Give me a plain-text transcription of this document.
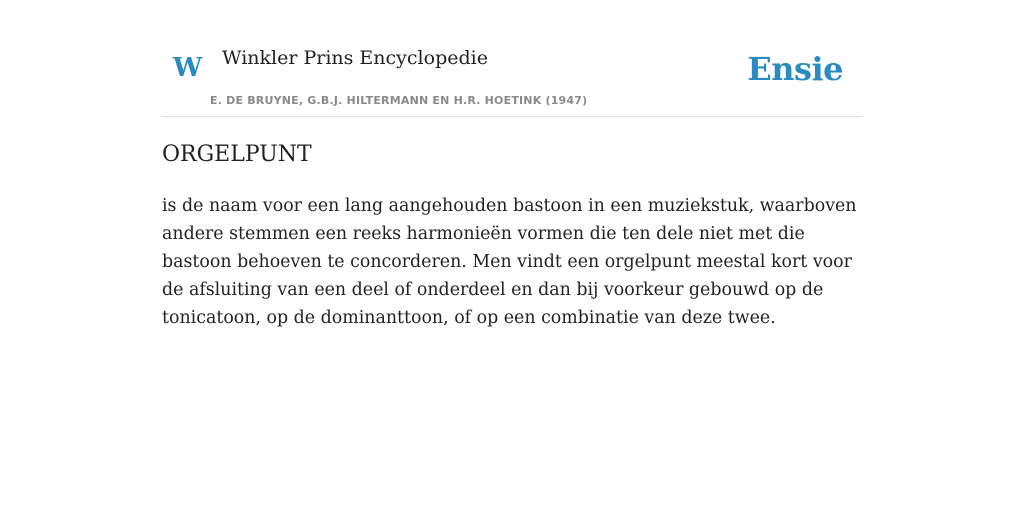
W Winkler Prins Encyclopedie
E. DE BRUYNE, G.B.J. HILTERMANN EN H.R. HOETINK (1947)
Ensie
ORGELPUNT

is de naam voor een lang aangehouden bastoon in een muziekstuk, waarboven andere stemmen een reeks harmonieën vormen die ten dele niet met die bastoon behoeven te concorderen. Men vindt een orgelpunt meestal kort voor de afsluiting van een deel of onderdeel en dan bij voorkeur gebouwd op de tonicatoon, op de dominanttoon, of op een combinatie van deze twee.
